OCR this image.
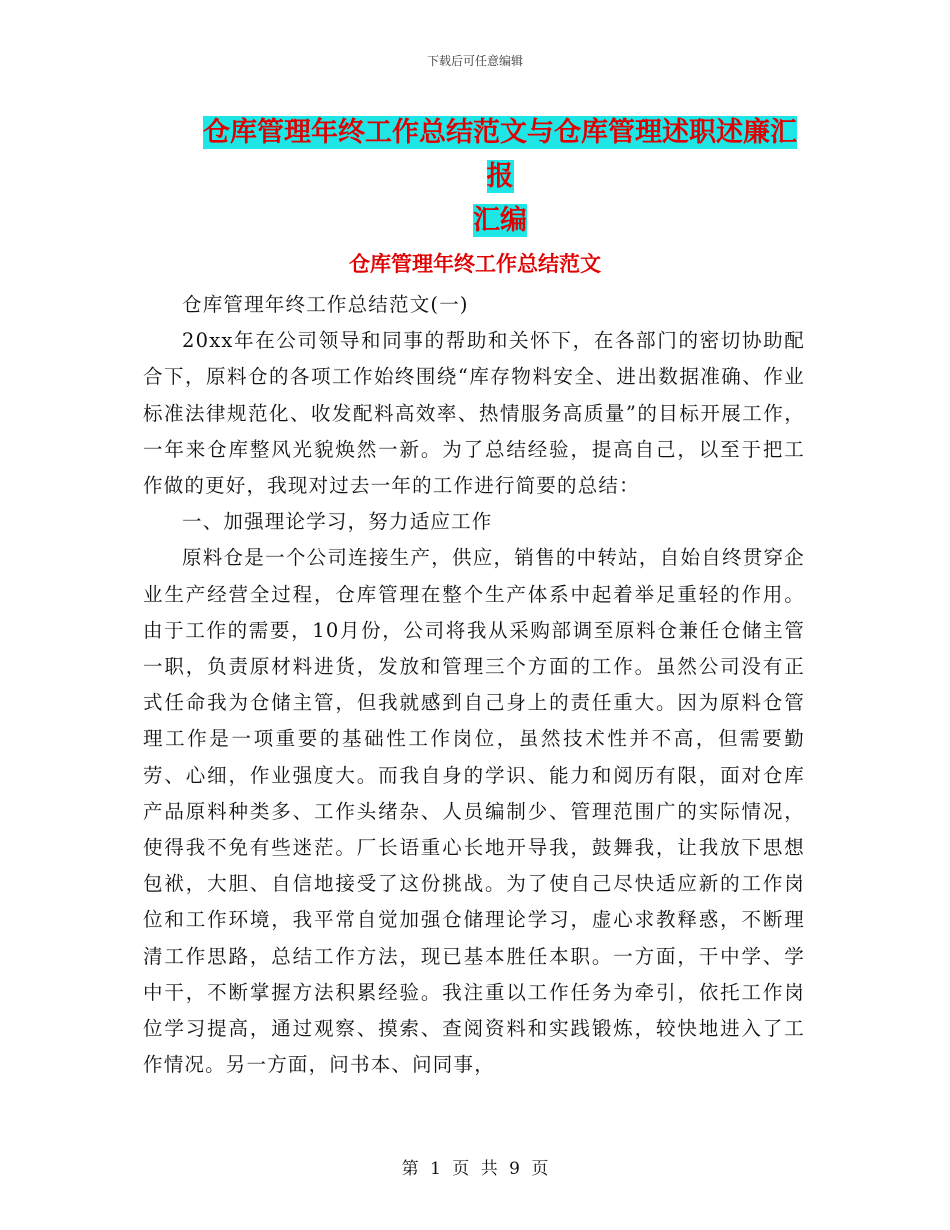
下载后可任意编辑
仓库管理年终工作总结范文与仓库管理述职述廉汇报
汇编
仓库管理年终工作总结范文

仓库管理年终工作总结范文(一)

20xx年在公司领导和同事的帮助和关怀下，在各部门的密切协助配合下，原料仓的各项工作始终围绕“库存物料安全、进出数据准确、作业标准法律规范化、收发配料高效率、热情服务高质量”的目标开展工作，一年来仓库整风光貌焕然一新。为了总结经验，提高自己，以至于把工作做的更好，我现对过去一年的工作进行简要的总结：

一、加强理论学习，努力适应工作

原料仓是一个公司连接生产，供应，销售的中转站，自始自终贯穿企业生产经营全过程，仓库管理在整个生产体系中起着举足重轻的作用。由于工作的需要，10月份，公司将我从采购部调至原料仓兼任仓储主管一职，负责原材料进货，发放和管理三个方面的工作。虽然公司没有正式任命我为仓储主管，但我就感到自己身上的责任重大。因为原料仓管理工作是一项重要的基础性工作岗位，虽然技术性并不高，但需要勤劳、心细，作业强度大。而我自身的学识、能力和阅历有限，面对仓库产品原料种类多、工作头绪杂、人员编制少、管理范围广的实际情况，使得我不免有些迷茫。厂长语重心长地开导我，鼓舞我，让我放下思想包袱，大胆、自信地接受了这份挑战。为了使自己尽快适应新的工作岗位和工作环境，我平常自觉加强仓储理论学习，虚心求教释惑，不断理清工作思路，总结工作方法，现已基本胜任本职。一方面，干中学、学中干，不断掌握方法积累经验。我注重以工作任务为牵引，依托工作岗位学习提高，通过观察、摸索、查阅资料和实践锻炼，较快地进入了工作情况。另一方面，问书本、问同事，

第 1 页 共 9 页
